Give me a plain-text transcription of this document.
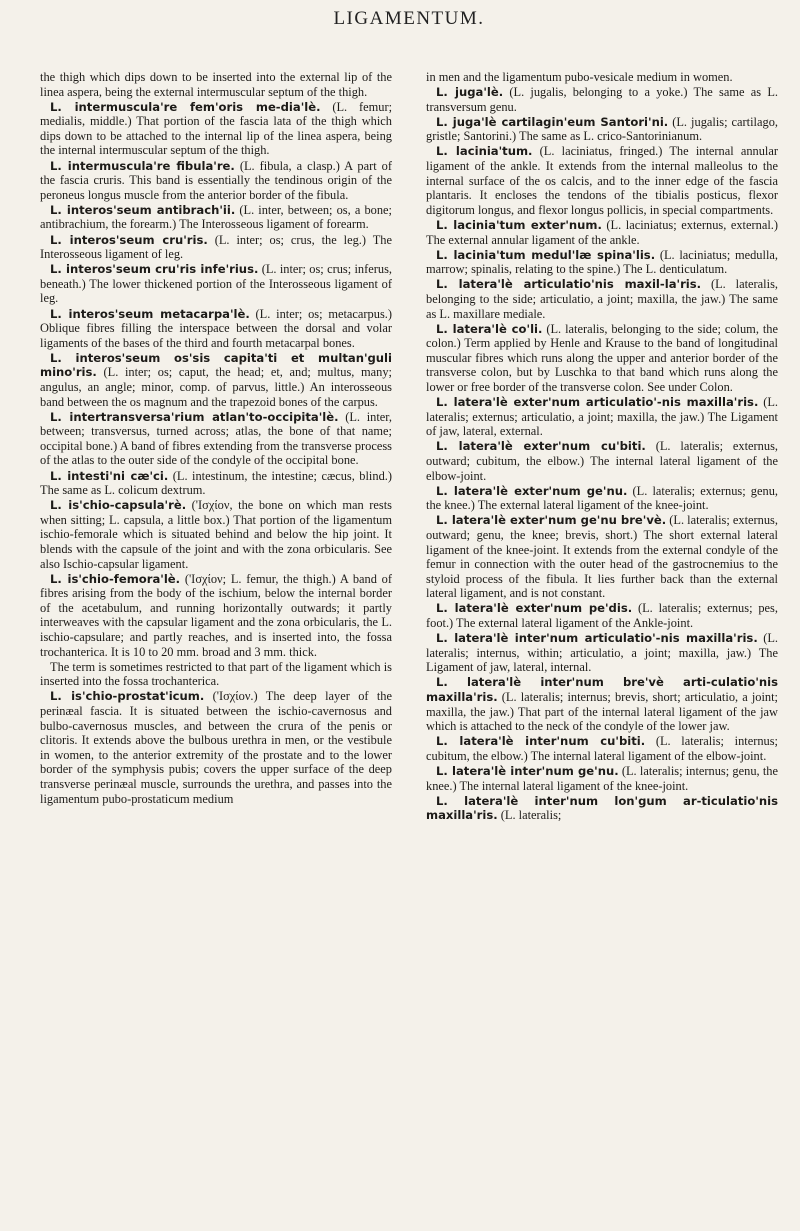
LIGAMENTUM.

the thigh which dips down to be inserted into the external lip of the linea aspera, being the external intermuscular septum of the thigh.

L. intermuscula're fem'oris me-dia'lè. (L. femur; medialis, middle.) That portion of the fascia lata of the thigh which dips down to be attached to the internal lip of the linea aspera, being the internal intermuscular septum of the thigh.

L. intermuscula're fibula're. (L. fibula, a clasp.) A part of the fascia cruris. This band is essentially the tendinous origin of the peroneus longus muscle from the anterior border of the fibula.

L. interos'seum antibrach'ii. (L. inter, between; os, a bone; antibrachium, the forearm.) The Interosseous ligament of forearm.

L. interos'seum cru'ris. (L. inter; os; crus, the leg.) The Interosseous ligament of leg.

L. interos'seum cru'ris infe'rius. (L. inter; os; crus; inferus, beneath.) The lower thickened portion of the Interosseous ligament of leg.

L. interos'seum metacarpa'lè. (L. inter; os; metacarpus.) Oblique fibres filling the interspace between the dorsal and volar ligaments of the bases of the third and fourth metacarpal bones.

L. interos'seum os'sis capita'ti et multan'guli mino'ris. (L. inter; os; caput, the head; et, and; multus, many; angulus, an angle; minor, comp. of parvus, little.) An interosseous band between the os magnum and the trapezoid bones of the carpus.

L. intertransversa'rium atlan'to-occipita'lè. (L. inter, between; transversus, turned across; atlas, the bone of that name; occipital bone.) A band of fibres extending from the transverse process of the atlas to the outer side of the condyle of the occipital bone.

L. intesti'ni cæ'ci. (L. intestinum, the intestine; cæcus, blind.) The same as L. colicum dextrum.

L. is'chio-capsula'rè. ('Ισχίον, the bone on which man rests when sitting; L. capsula, a little box.) That portion of the ligamentum ischio-femorale which is situated behind and below the hip joint. It blends with the capsule of the joint and with the zona orbicularis. See also Ischio-capsular ligament.

L. is'chio-femora'lè. ('Ισχίον; L. femur, the thigh.) A band of fibres arising from the body of the ischium, below the internal border of the acetabulum, and running horizontally outwards; it partly interweaves with the capsular ligament and the zona orbicularis, the L. ischio-capsulare; and partly reaches, and is inserted into, the fossa trochanterica. It is 10 to 20 mm. broad and 3 mm. thick.

The term is sometimes restricted to that part of the ligament which is inserted into the fossa trochanterica.

L. is'chio-prostat'icum. ('Ισχίον.) The deep layer of the perinæal fascia. It is situated between the ischio-cavernosus and bulbo-cavernosus muscles, and between the crura of the penis or clitoris. It extends above the bulbous urethra in men, or the vestibule in women, to the anterior extremity of the prostate and to the lower border of the symphysis pubis; covers the upper surface of the deep transverse perinæal muscle, surrounds the urethra, and passes into the ligamentum pubo-prostaticum medium

in men and the ligamentum pubo-vesicale medium in women.

L. juga'lè. (L. jugalis, belonging to a yoke.) The same as L. transversum genu.

L. juga'lè cartilagin'eum Santori'ni. (L. jugalis; cartilago, gristle; Santorini.) The same as L. crico-Santorinianum.

L. lacinia'tum. (L. laciniatus, fringed.) The internal annular ligament of the ankle. It extends from the internal malleolus to the internal surface of the os calcis, and to the inner edge of the fascia plantaris. It encloses the tendons of the tibialis posticus, flexor digitorum longus, and flexor longus pollicis, in special compartments.

L. lacinia'tum exter'num. (L. laciniatus; externus, external.) The external annular ligament of the ankle.

L. lacinia'tum medul'læ spina'lis. (L. laciniatus; medulla, marrow; spinalis, relating to the spine.) The L. denticulatum.

L. latera'lè articulatio'nis maxil-la'ris. (L. lateralis, belonging to the side; articulatio, a joint; maxilla, the jaw.) The same as L. maxillare mediale.

L. latera'lè co'li. (L. lateralis, belonging to the side; colum, the colon.) Term applied by Henle and Krause to the band of longitudinal muscular fibres which runs along the upper and anterior border of the transverse colon, but by Luschka to that band which runs along the lower or free border of the transverse colon. See under Colon.

L. latera'lè exter'num articulatio'-nis maxilla'ris. (L. lateralis; externus; articulatio, a joint; maxilla, the jaw.) The Ligament of jaw, lateral, external.

L. latera'lè exter'num cu'biti. (L. lateralis; externus, outward; cubitum, the elbow.) The internal lateral ligament of the elbow-joint.

L. latera'lè exter'num ge'nu. (L. lateralis; externus; genu, the knee.) The external lateral ligament of the knee-joint.

L. latera'lè exter'num ge'nu bre'vè. (L. lateralis; externus, outward; genu, the knee; brevis, short.) The short external lateral ligament of the knee-joint. It extends from the external condyle of the femur in connection with the outer head of the gastrocnemius to the styloid process of the fibula. It lies further back than the external lateral ligament, and is not constant.

L. latera'lè exter'num pe'dis. (L. lateralis; externus; pes, foot.) The external lateral ligament of the Ankle-joint.

L. latera'lè inter'num articulatio'-nis maxilla'ris. (L. lateralis; internus, within; articulatio, a joint; maxilla, jaw.) The Ligament of jaw, lateral, internal.

L. latera'lè inter'num bre'vè arti-culatio'nis maxilla'ris. (L. lateralis; internus; brevis, short; articulatio, a joint; maxilla, the jaw.) That part of the internal lateral ligament of the jaw which is attached to the neck of the condyle of the lower jaw.

L. latera'lè inter'num cu'biti. (L. lateralis; internus; cubitum, the elbow.) The internal lateral ligament of the elbow-joint.

L. latera'lè inter'num ge'nu. (L. lateralis; internus; genu, the knee.) The internal lateral ligament of the knee-joint.

L. latera'lè inter'num lon'gum ar-ticulatio'nis maxilla'ris. (L. lateralis;
